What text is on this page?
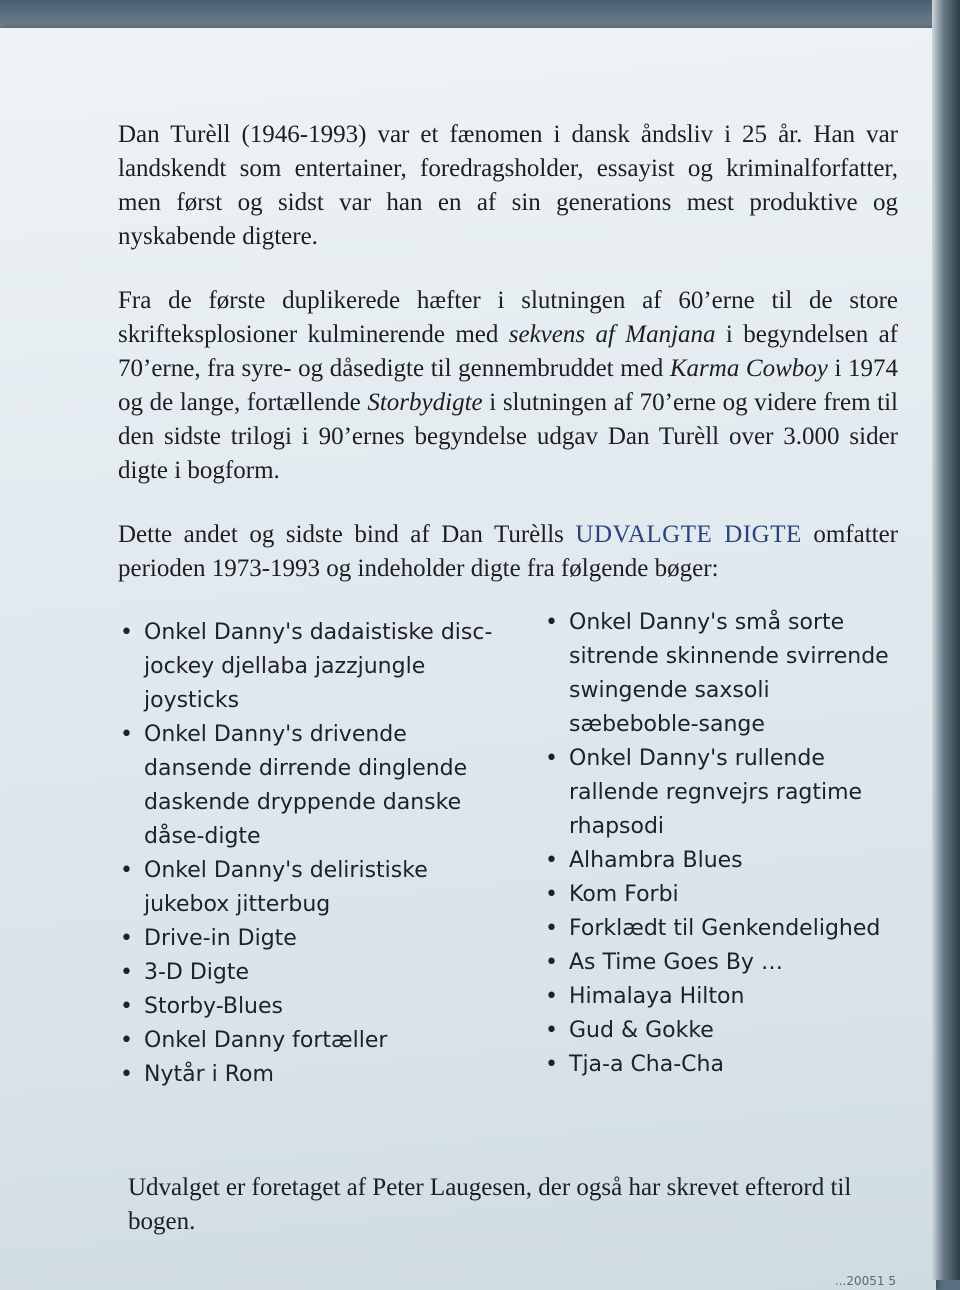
Dan Turèll (1946-1993) var et fænomen i dansk åndsliv i 25 år. Han var landskendt som entertainer, foredragsholder, essayist og kriminalforfatter, men først og sidst var han en af sin generations mest produktive og nyskabende digtere.

Fra de første duplikerede hæfter i slutningen af 60’erne til de store skrifteksplosioner kulminerende med sekvens af Manjana i begyndelsen af 70’erne, fra syre- og dåsedigte til gennembruddet med Karma Cowboy i 1974 og de lange, fortællende Storbydigte i slutningen af 70’erne og videre frem til den sidste trilogi i 90’ernes begyndelse udgav Dan Turèll over 3.000 sider digte i bogform.

Dette andet og sidste bind af Dan Turèlls UDVALGTE DIGTE omfatter perioden 1973-1993 og indeholder digte fra følgende bøger:

• Onkel Danny's dadaistiske disc-jockey djellaba jazzjungle joysticks
• Onkel Danny's drivende dansende dirrende dinglende daskende dryppende danske dåse-digte
• Onkel Danny's deliristiske jukebox jitterbug
• Drive-in Digte
• 3-D Digte
• Storby-Blues
• Onkel Danny fortæller
• Nytår i Rom
• Onkel Danny's små sorte sitrende skinnende svirrende swingende saxsoli sæbeboble-sange
• Onkel Danny's rullende rallende regnvejrs ragtime rhapsodi
• Alhambra Blues
• Kom Forbi
• Forklædt til Genkendelighed
• As Time Goes By …
• Himalaya Hilton
• Gud & Gokke
• Tja-a Cha-Cha

Udvalget er foretaget af Peter Laugesen, der også har skrevet efterord til bogen.

...20051 5
